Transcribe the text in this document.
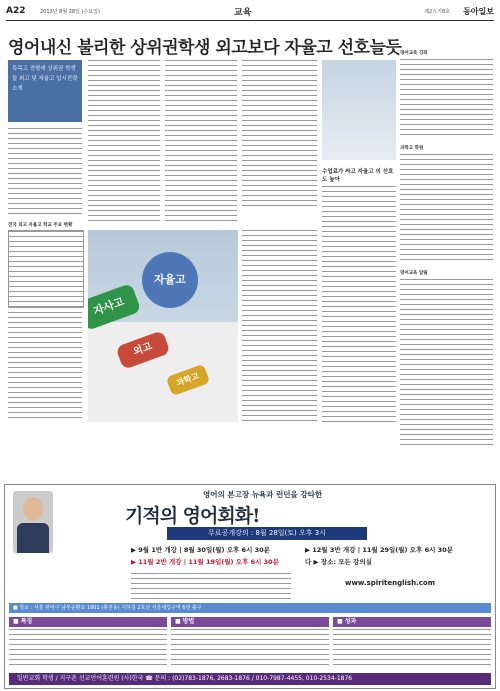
A22	2013년 8월 28일 (수요일)	교육	제2万기8호 동아일보
영어내신 불리한 상위권학생 외고보다 자율고 선호늘듯
특목고 전형에 상위권 학생들 외고 및 자율고 입시전략 소개
전국 외고 자율고 학교 주요 현황
자율고
자사고
외고
과학고
수업료가 싸고 자율고 의 선호도 높아
영어교육 강좌
과학고 학원
영어교육 알림
영어의 본고장 뉴욕과 런던을 강타한
기적의 영어회화!
무료공개강의 : 8월 28일(토) 오후 3시
▶ 9월 1반 개강 | 8월 30일(월) 오후 6시 30분
▶ 11월 2반 개강 | 11월 19일(월) 오후 6시 30분
▶ 12월 3반 개강 | 11월 29일(월) 오후 6시 30분
다 ▶ 장소: 모든 강의실
www.spiritenglish.com
■ 장소 : 서울 관악구 남부순환로 1801 (봉천동) 지하철 2호선 서울대입구역 6번 출구
■ 특징	■ 방법	■ 성과
일반교회 학생 / 지구촌 선교언어훈련원 (사)한국 ☎ 문의 : (02)783-1876, 2683-1876 / 010-7987-4455, 010-2534-1876
